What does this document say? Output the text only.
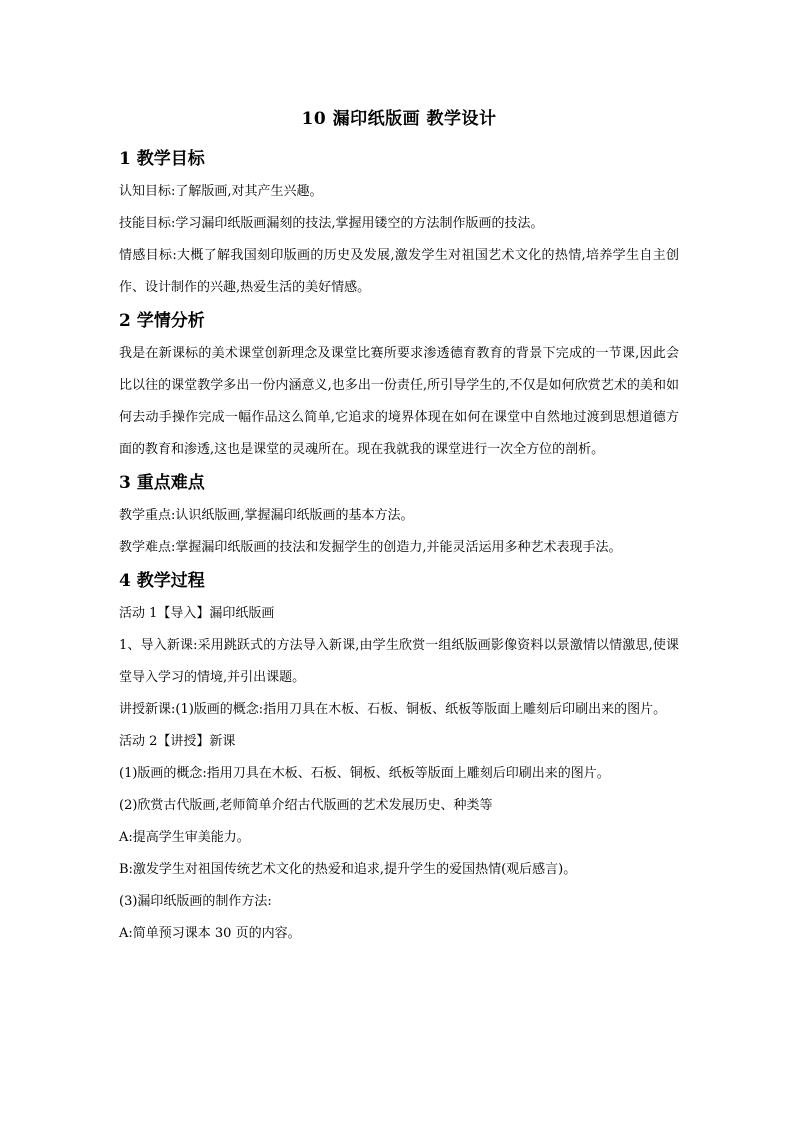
10 漏印纸版画 教学设计
1 教学目标

认知目标:了解版画,对其产生兴趣。

技能目标:学习漏印纸版画漏刻的技法,掌握用镂空的方法制作版画的技法。

情感目标:大概了解我国刻印版画的历史及发展,激发学生对祖国艺术文化的热情,培养学生自主创作、设计制作的兴趣,热爱生活的美好情感。

2 学情分析

我是在新课标的美术课堂创新理念及课堂比赛所要求渗透德育教育的背景下完成的一节课,因此会比以往的课堂教学多出一份内涵意义,也多出一份责任,所引导学生的,不仅是如何欣赏艺术的美和如何去动手操作完成一幅作品这么简单,它追求的境界体现在如何在课堂中自然地过渡到思想道德方面的教育和渗透,这也是课堂的灵魂所在。现在我就我的课堂进行一次全方位的剖析。

3 重点难点

教学重点:认识纸版画,掌握漏印纸版画的基本方法。

教学难点:掌握漏印纸版画的技法和发掘学生的创造力,并能灵活运用多种艺术表现手法。

4 教学过程

活动 1【导入】漏印纸版画

1、导入新课:采用跳跃式的方法导入新课,由学生欣赏一组纸版画影像资料以景激情以情激思,使课堂导入学习的情境,并引出课题。

讲授新课:(1)版画的概念:指用刀具在木板、石板、铜板、纸板等版面上雕刻后印刷出来的图片。

活动 2【讲授】新课

(1)版画的概念:指用刀具在木板、石板、铜板、纸板等版面上雕刻后印刷出来的图片。

(2)欣赏古代版画,老师简单介绍古代版画的艺术发展历史、种类等

A:提高学生审美能力。

B:激发学生对祖国传统艺术文化的热爱和追求,提升学生的爱国热情(观后感言)。

(3)漏印纸版画的制作方法:

A:简单预习课本 30 页的内容。
